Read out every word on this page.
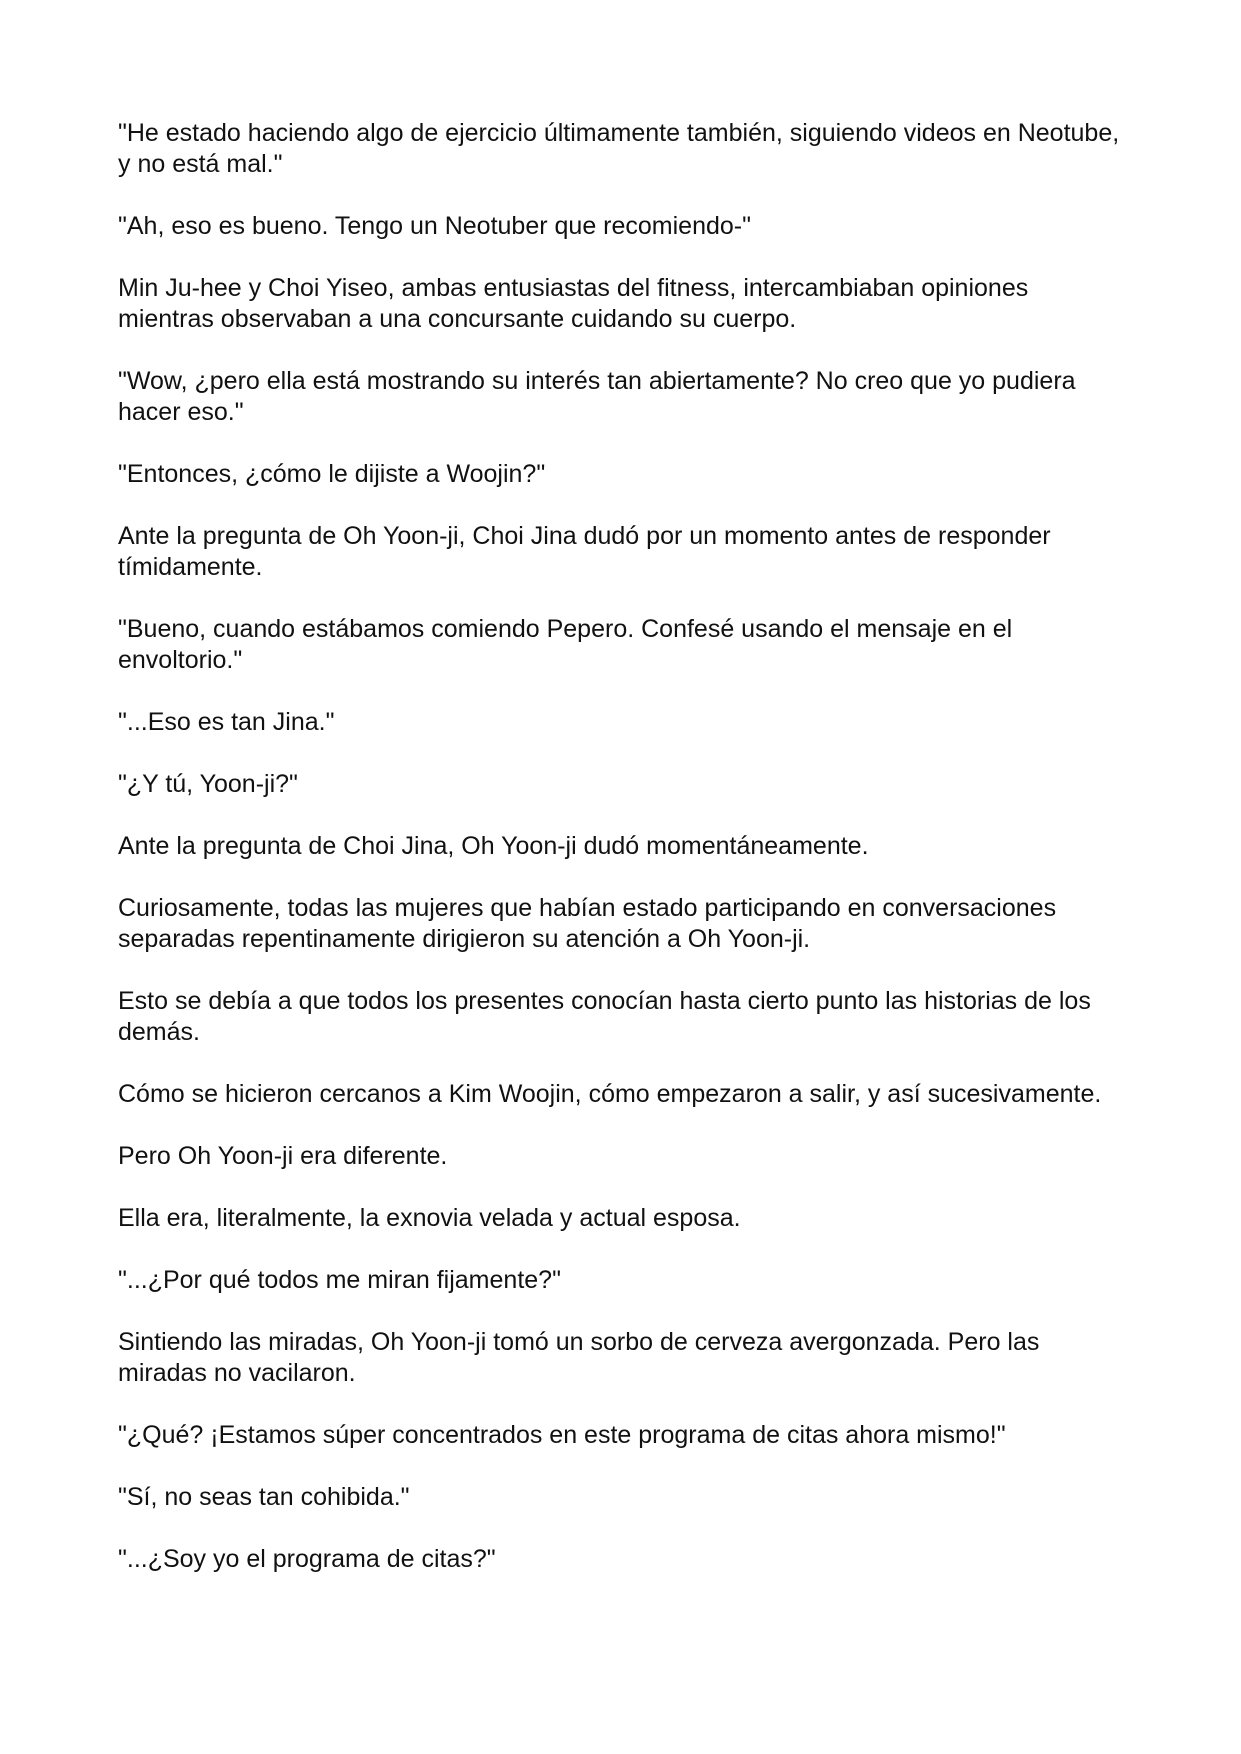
"He estado haciendo algo de ejercicio últimamente también, siguiendo videos en Neotube, y no está mal."

"Ah, eso es bueno. Tengo un Neotuber que recomiendo-"

Min Ju-hee y Choi Yiseo, ambas entusiastas del fitness, intercambiaban opiniones mientras observaban a una concursante cuidando su cuerpo.

"Wow, ¿pero ella está mostrando su interés tan abiertamente? No creo que yo pudiera hacer eso."

"Entonces, ¿cómo le dijiste a Woojin?"

Ante la pregunta de Oh Yoon-ji, Choi Jina dudó por un momento antes de responder tímidamente.

"Bueno, cuando estábamos comiendo Pepero. Confesé usando el mensaje en el envoltorio."

"...Eso es tan Jina."

"¿Y tú, Yoon-ji?"

Ante la pregunta de Choi Jina, Oh Yoon-ji dudó momentáneamente.

Curiosamente, todas las mujeres que habían estado participando en conversaciones separadas repentinamente dirigieron su atención a Oh Yoon-ji.

Esto se debía a que todos los presentes conocían hasta cierto punto las historias de los demás.

Cómo se hicieron cercanos a Kim Woojin, cómo empezaron a salir, y así sucesivamente.

Pero Oh Yoon-ji era diferente.

Ella era, literalmente, la exnovia velada y actual esposa.

"...¿Por qué todos me miran fijamente?"

Sintiendo las miradas, Oh Yoon-ji tomó un sorbo de cerveza avergonzada. Pero las miradas no vacilaron.

"¿Qué? ¡Estamos súper concentrados en este programa de citas ahora mismo!"

"Sí, no seas tan cohibida."

"...¿Soy yo el programa de citas?"
